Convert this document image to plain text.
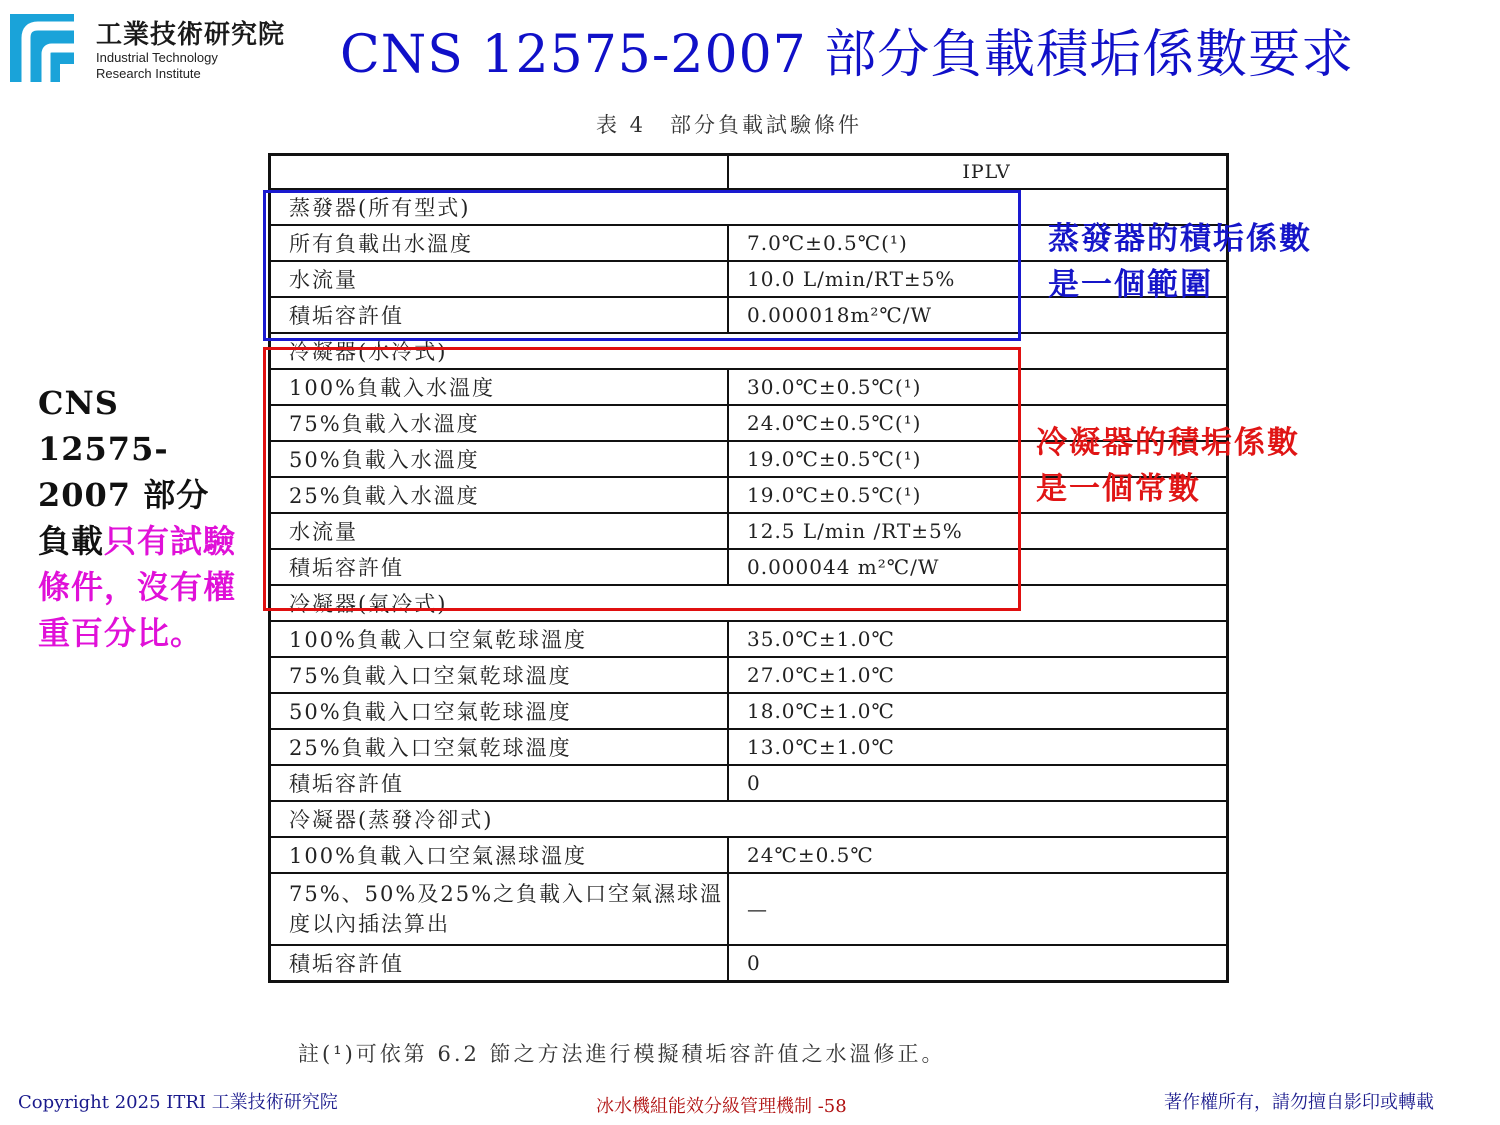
工業技術研究院
Industrial Technology
Research Institute	CNS 12575-2007 部分負載積垢係數要求
表 4　部分負載試驗條件
	IPLV
蒸發器(所有型式)	
所有負載出水溫度	7.0℃±0.5℃(¹)
水流量	10.0 L/min/RT±5%
積垢容許值	0.000018m²℃/W
冷凝器(水冷式)	
100%負載入水溫度	30.0℃±0.5℃(¹)
75%負載入水溫度	24.0℃±0.5℃(¹)
50%負載入水溫度	19.0℃±0.5℃(¹)
25%負載入水溫度	19.0℃±0.5℃(¹)
水流量	12.5 L/min /RT±5%
積垢容許值	0.000044 m²℃/W
冷凝器(氣冷式)	
100%負載入口空氣乾球溫度	35.0℃±1.0℃
75%負載入口空氣乾球溫度	27.0℃±1.0℃
50%負載入口空氣乾球溫度	18.0℃±1.0℃
25%負載入口空氣乾球溫度	13.0℃±1.0℃
積垢容許值	0
冷凝器(蒸發冷卻式)	
100%負載入口空氣濕球溫度	24℃±0.5℃
75%、50%及25%之負載入口空氣濕球溫度以內插法算出	—
積垢容許值	0
蒸發器的積垢係數是一個範圍
冷凝器的積垢係數是一個常數
CNS 12575-2007 部分負載只有試驗條件，沒有權重百分比。
註(¹)可依第 6.2 節之方法進行模擬積垢容許值之水溫修正。
Copyright 2025 ITRI 工業技術研究院	冰水機組能效分級管理機制 -58	著作權所有，請勿擅自影印或轉載
